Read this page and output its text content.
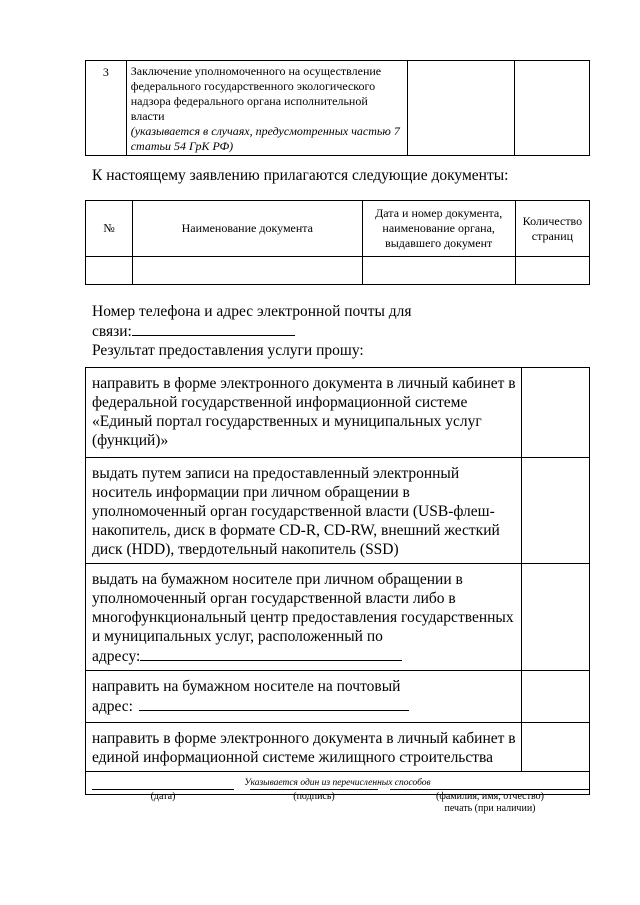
3	Заключение уполномоченного на осуществление федерального государственного экологического надзора федерального органа исполнительной власти
(указывается в случаях, предусмотренных частью 7 статьи 54 ГрК РФ)		
К настоящему заявлению прилагаются следующие документы:
№	Наименование документа	Дата и номер документа, наименование органа, выдавшего документ	Количество страниц

Номер телефона и адрес электронной почты для
связи:
Результат предоставления услуги прошу:
направить в форме электронного документа в личный кабинет в федеральной государственной информационной системе «Единый портал государственных и муниципальных услуг (функций)»	
выдать путем записи на предоставленный электронный носитель информации при личном обращении в уполномоченный орган государственной власти (USB-флеш-накопитель, диск в формате CD-R, CD-RW, внешний жесткий диск (HDD), твердотельный накопитель (SSD)	
выдать на бумажном носителе при личном обращении в уполномоченный орган государственной власти либо в многофункциональный центр предоставления государственных и муниципальных услуг, расположенный по
адресу:	
направить на бумажном носителе на почтовый
адрес:	
направить в форме электронного документа в личный кабинет в единой информационной системе жилищного строительства	
Указывается один из перечисленных способов	
(дата)	(подпись)	(фамилия, имя, отчество)
печать (при наличии)
